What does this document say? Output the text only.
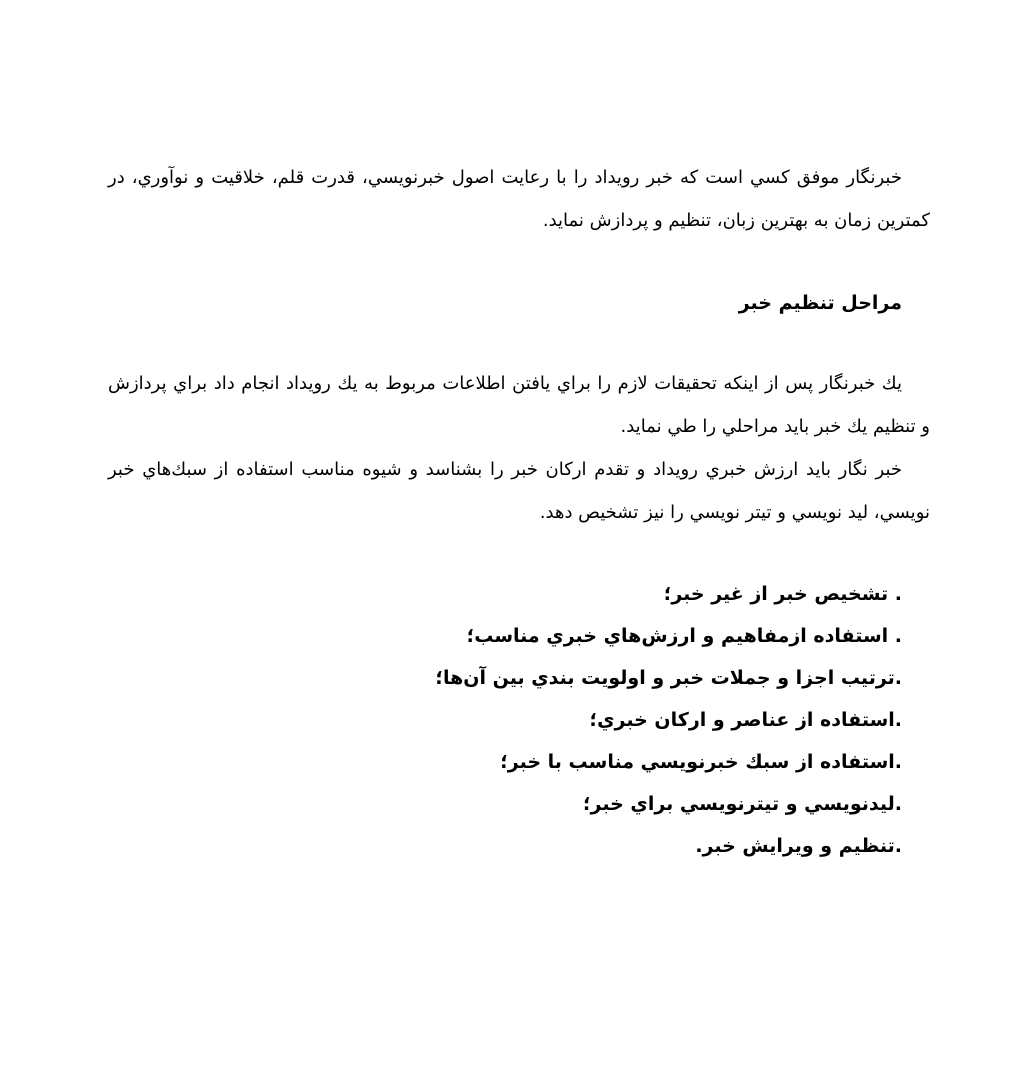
خبرنگار موفق كسي است كه خبر رويداد را با رعايت اصول خبرنويسي، قدرت قلم، خلاقيت و نوآوري، در كمترين زمان به بهترين زبان، تنظيم و پردازش نمايد.

مراحل تنظيم خبر

يك خبرنگار پس از اينكه تحقيقات لازم را براي يافتن اطلاعات مربوط به يك رويداد انجام داد براي پردازش و تنظيم يك خبر بايد مراحلي را طي نمايد.

خبر نگار بايد ارزش خبري رويداد و تقدم اركان خبر را بشناسد و شيوه مناسب استفاده از سبك‌هاي خبر نويسي، ليد نويسي و تيتر نويسي را نيز تشخيص دهد.

. تشخيص خبر از غير خبر؛
. استفاده ازمفاهيم و ارزش‌هاي خبري مناسب؛
.ترتيب اجزا و جملات خبر و اولويت بندي بين آن‌ها؛
.استفاده از عناصر و اركان خبري؛
.استفاده از سبك خبرنويسي مناسب با خبر؛
.ليدنويسي و تيترنويسي براي خبر؛
.تنظيم و ويرايش خبر.
